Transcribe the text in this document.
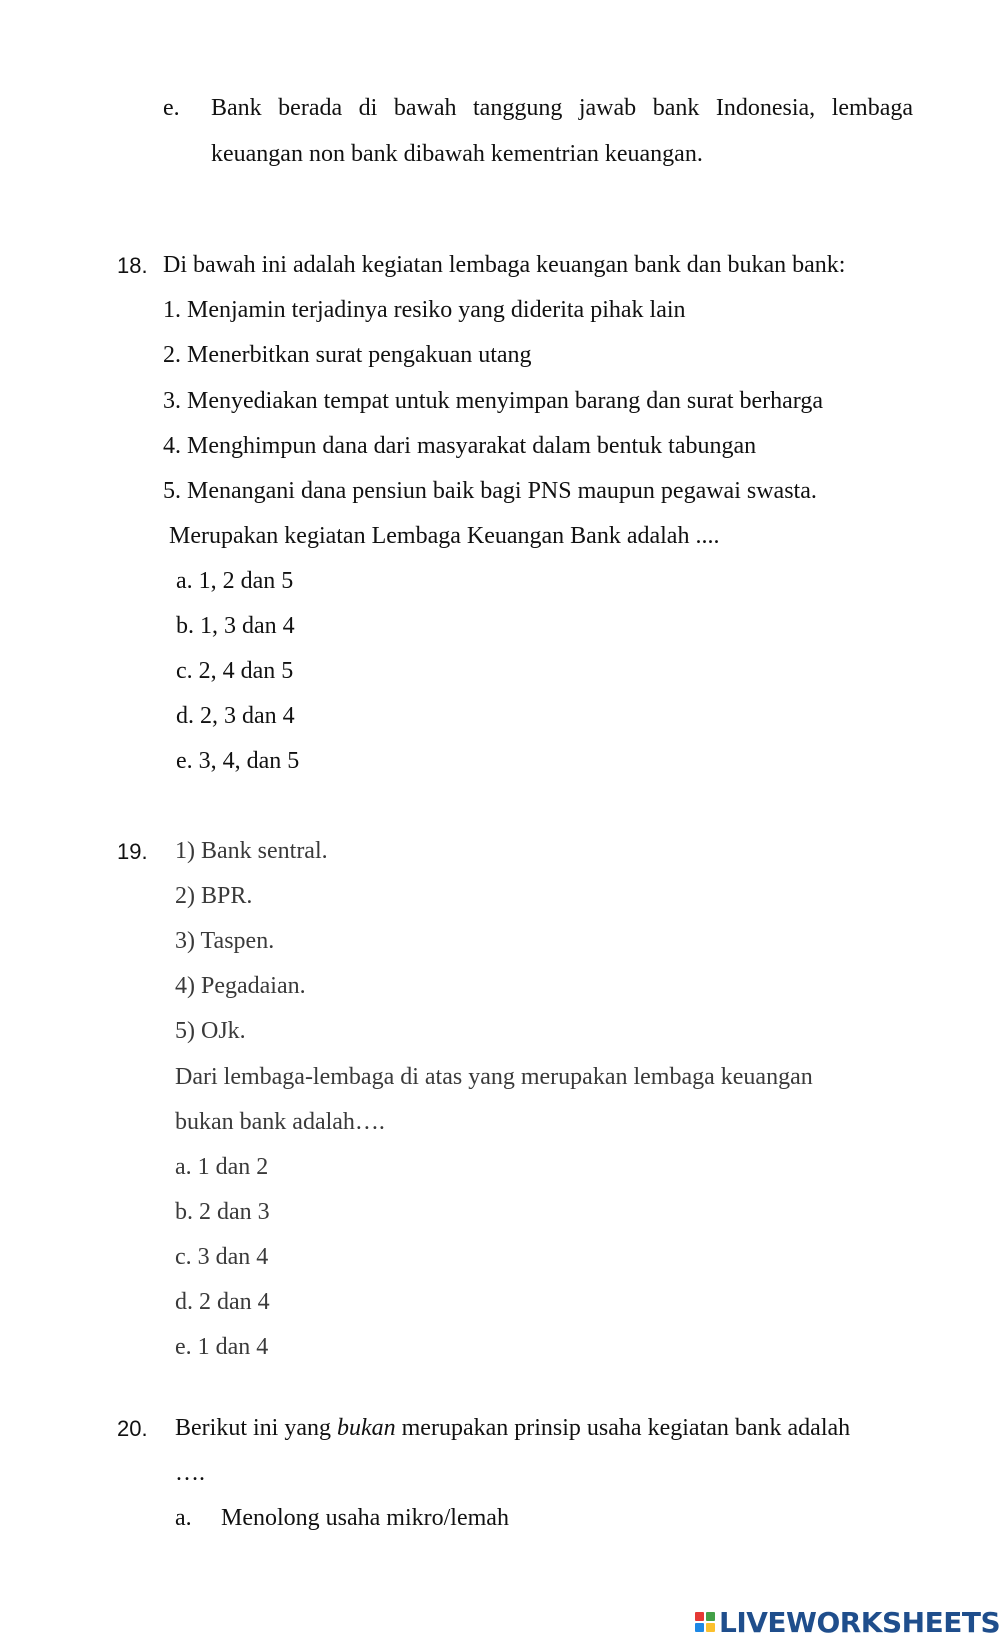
e. Bank berada di bawah tanggung jawab bank Indonesia, lembaga
keuangan non bank dibawah kementrian keuangan.
18. Di bawah ini adalah kegiatan lembaga keuangan bank dan bukan bank:
1. Menjamin terjadinya resiko yang diderita pihak lain
2. Menerbitkan surat pengakuan utang
3. Menyediakan tempat untuk menyimpan barang dan surat berharga
4. Menghimpun dana dari masyarakat dalam bentuk tabungan
5. Menangani dana pensiun baik bagi PNS maupun pegawai swasta.
Merupakan kegiatan Lembaga Keuangan Bank adalah ....
a. 1, 2 dan 5
b. 1, 3 dan 4
c. 2, 4 dan 5
d. 2, 3 dan 4
e. 3, 4, dan 5
19. 1) Bank sentral.
2) BPR.
3) Taspen.
4) Pegadaian.
5) OJk.
Dari lembaga-lembaga di atas yang merupakan lembaga keuangan
bukan bank adalah….
a. 1 dan 2
b. 2 dan 3
c. 3 dan 4
d. 2 dan 4
e. 1 dan 4
20. Berikut ini yang bukan merupakan prinsip usaha kegiatan bank adalah
….
a. Menolong usaha mikro/lemah
LIVEWORKSHEETS
